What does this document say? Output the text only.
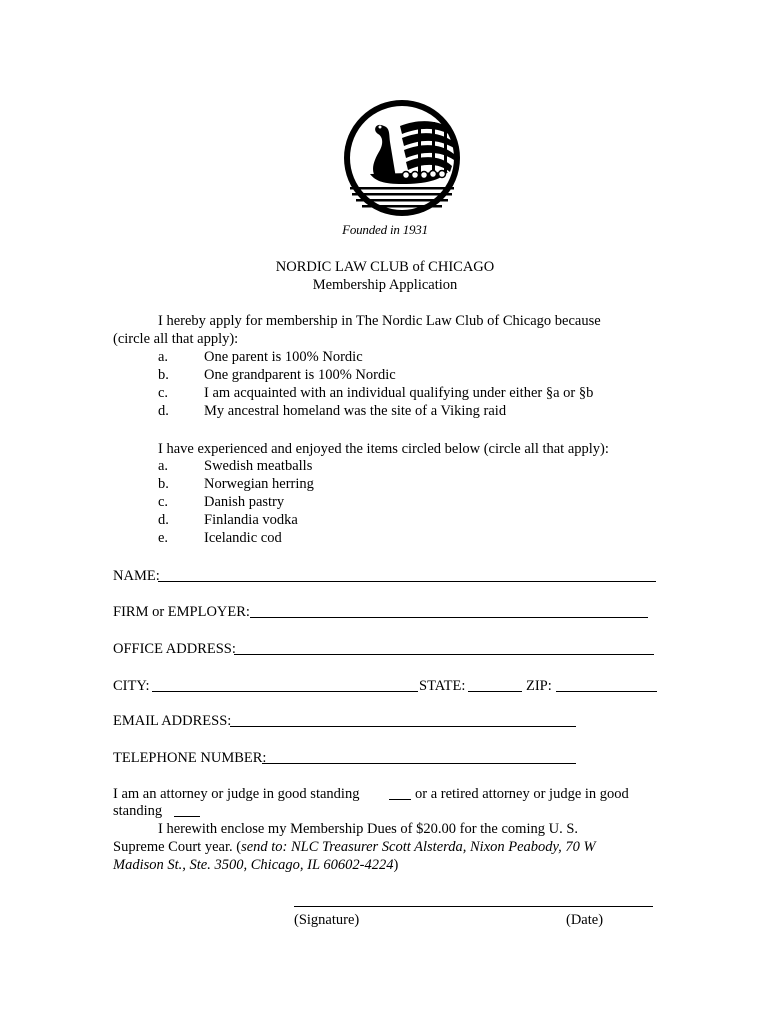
Founded in 1931
NORDIC LAW CLUB of CHICAGO
Membership Application
I hereby apply for membership in The Nordic Law Club of Chicago because
(circle all that apply):
a.	One parent is 100% Nordic
b.	One grandparent is 100% Nordic
c.	I am acquainted with an individual qualifying under either §a or §b
d.	My ancestral homeland was the site of a Viking raid
I have experienced and enjoyed the items circled below (circle all that apply):
a.	Swedish meatballs
b.	Norwegian herring
c.	Danish pastry
d.	Finlandia vodka
e.	Icelandic cod
NAME:
FIRM or EMPLOYER:
OFFICE ADDRESS:
CITY:	STATE:	ZIP:
EMAIL ADDRESS:
TELEPHONE NUMBER:
I am an attorney or judge in good standing	or a retired attorney or judge in good
standing
I herewith enclose my Membership Dues of $20.00 for the coming U. S.
Supreme Court year. (send to: NLC Treasurer Scott Alsterda, Nixon Peabody, 70 W
Madison St., Ste. 3500, Chicago, IL 60602-4224)
(Signature)	(Date)
